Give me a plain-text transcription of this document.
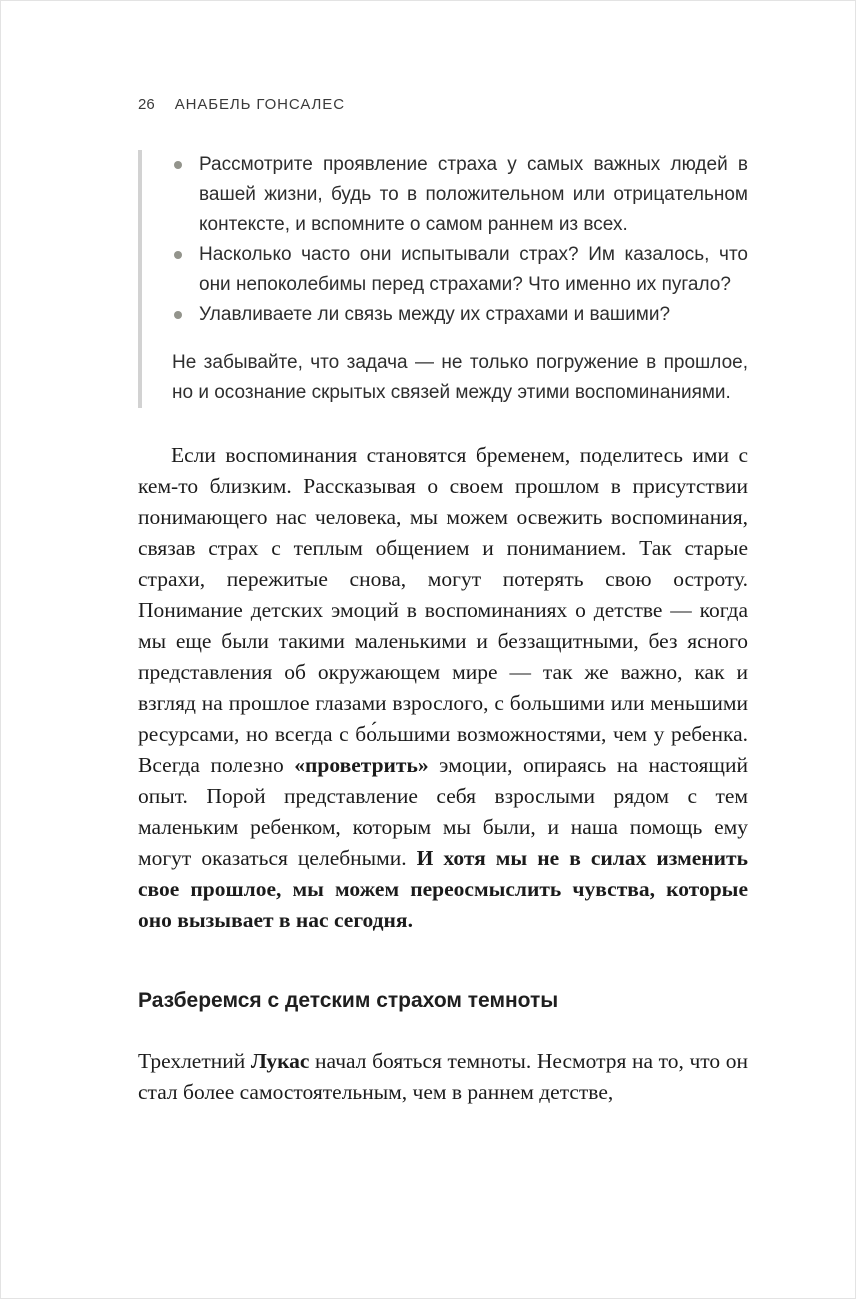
26 АНАБЕЛЬ ГОНСАЛЕС
Рассмотрите проявление страха у самых важных людей в вашей жизни, будь то в положительном или отрицательном контексте, и вспомните о самом раннем из всех.
Насколько часто они испытывали страх? Им казалось, что они непоколебимы перед страхами? Что именно их пугало?
Улавливаете ли связь между их страхами и вашими?

Не забывайте, что задача — не только погружение в прошлое, но и осознание скрытых связей между этими воспоминаниями.

Если воспоминания становятся бременем, поделитесь ими с кем-то близким. Рассказывая о своем прошлом в присутствии понимающего нас человека, мы можем освежить воспоминания, связав страх с теплым общением и пониманием. Так старые страхи, пережитые снова, могут потерять свою остроту. Понимание детских эмоций в воспоминаниях о детстве — когда мы еще были такими маленькими и беззащитными, без ясного представления об окружающем мире — так же важно, как и взгляд на прошлое глазами взрослого, с большими или меньшими ресурсами, но всегда с бо́льшими возможностями, чем у ребенка. Всегда полезно «проветрить» эмоции, опираясь на настоящий опыт. Порой представление себя взрослыми рядом с тем маленьким ребенком, которым мы были, и наша помощь ему могут оказаться целебными. И хотя мы не в силах изменить свое прошлое, мы можем переосмыслить чувства, которые оно вызывает в нас сегодня.

Разберемся с детским страхом темноты

Трехлетний Лукас начал бояться темноты. Несмотря на то, что он стал более самостоятельным, чем в раннем детстве,
